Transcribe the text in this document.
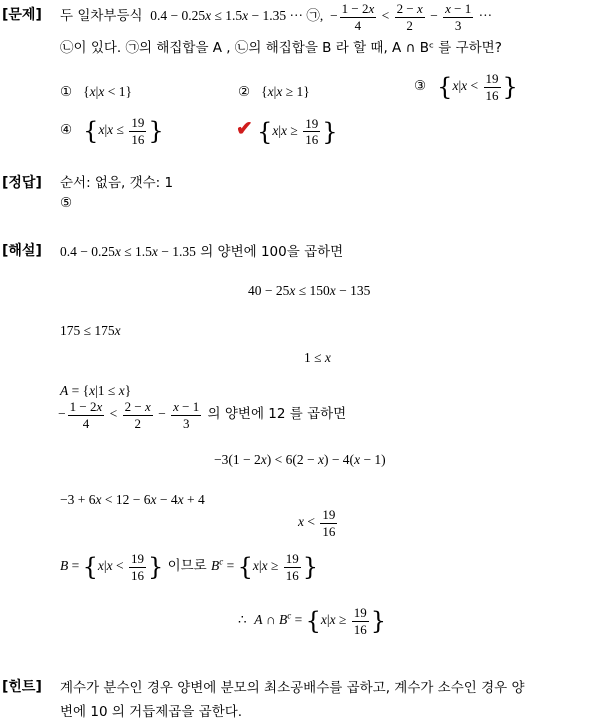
[문제] 두 일차부등식  0.4 − 0.25x ≤ 1.5x − 1.35 ··· ㉠,  − $\frac{1 - 2x}{4} < \frac{2 - x}{2} - \frac{x - 1}{3}$ ···
㉡이 있다. ㉠의 해집합을 A , ㉡의 해집합을 B 라 할 때, A ∩ Bᶜ 를 구하면?
①   {x|x < 1}	②   {x|x ≥ 1}	③ {$x|x < \frac{19}{16}$ }
④ {$x|x \le \frac{19}{16}$ }	✔ {$x|x \ge \frac{19}{16}$ }
[정답] 순서: 없음, 갯수: 1
⑤
[해설] 0.4 − 0.25x ≤ 1.5x − 1.35 의 양변에 100을 곱하면
40 − 25x ≤ 150x − 135
175 ≤ 175x
1 ≤ x
A = {x|1 ≤ x}
− $\frac{1 - 2x}{4} < \frac{2 - x}{2} - \frac{x - 1}{3}$ 의 양변에 12 를 곱하면
−3(1 − 2x) < 6(2 − x) − 4(x − 1)
−3 + 6x < 12 − 6x − 4x + 4
$x < \frac{19}{16}$
$B = \{x|x < \frac{19}{16}$ } 이므로 $B^c = \{x|x \ge \frac{19}{16}$ }
∴ A ∩ $B^c = \{x|x \ge \frac{19}{16}$ }
[힌트] 계수가 분수인 경우 양변에 분모의 최소공배수를 곱하고, 계수가 소수인 경우 양
변에 10 의 거듭제곱을 곱한다.
